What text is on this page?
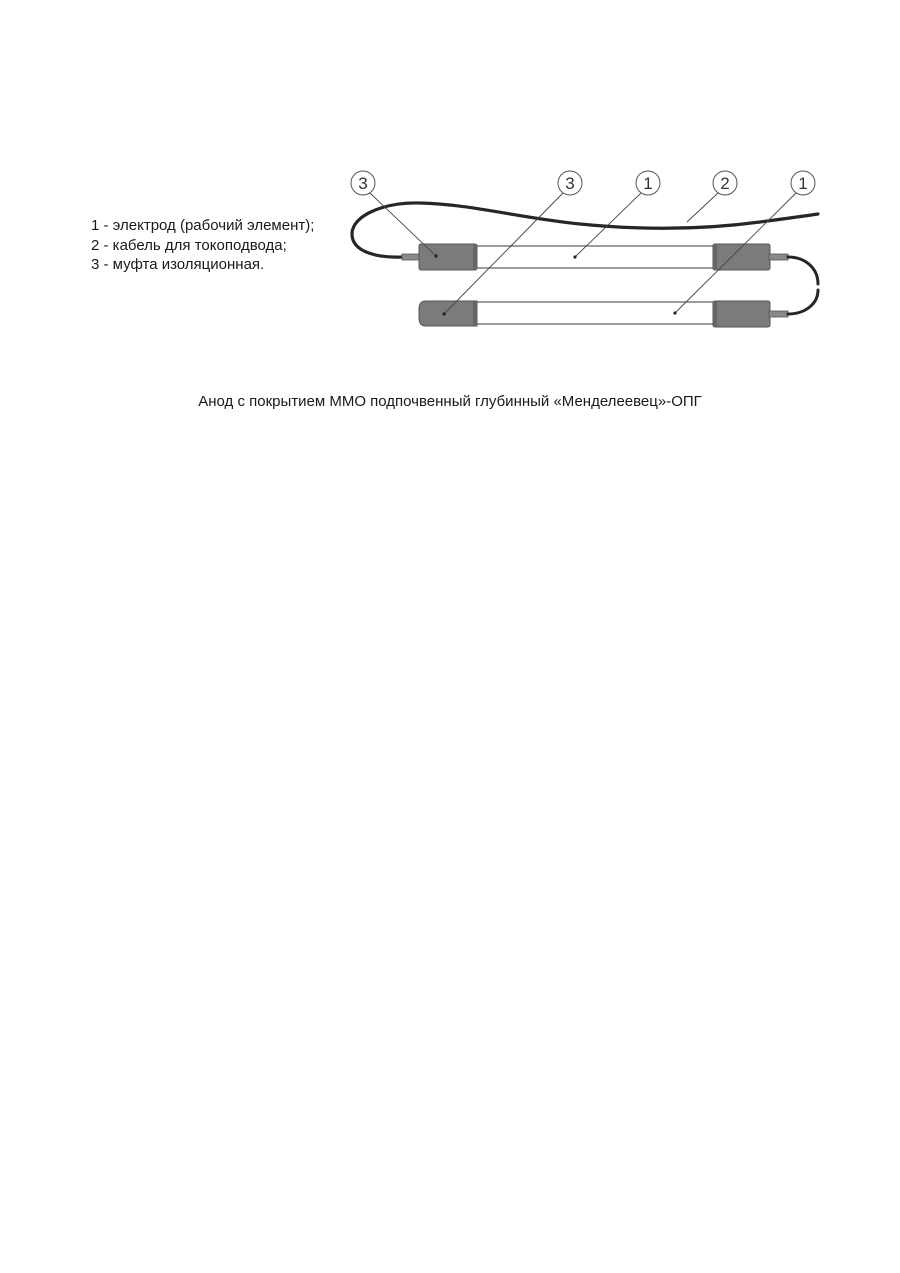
3	3	1	2	1
1 - электрод (рабочий элемент);
2 - кабель для токоподвода;
3 - муфта изоляционная.
Анод с покрытием ММО подпочвенный глубинный «Менделеевец»-ОПГ
